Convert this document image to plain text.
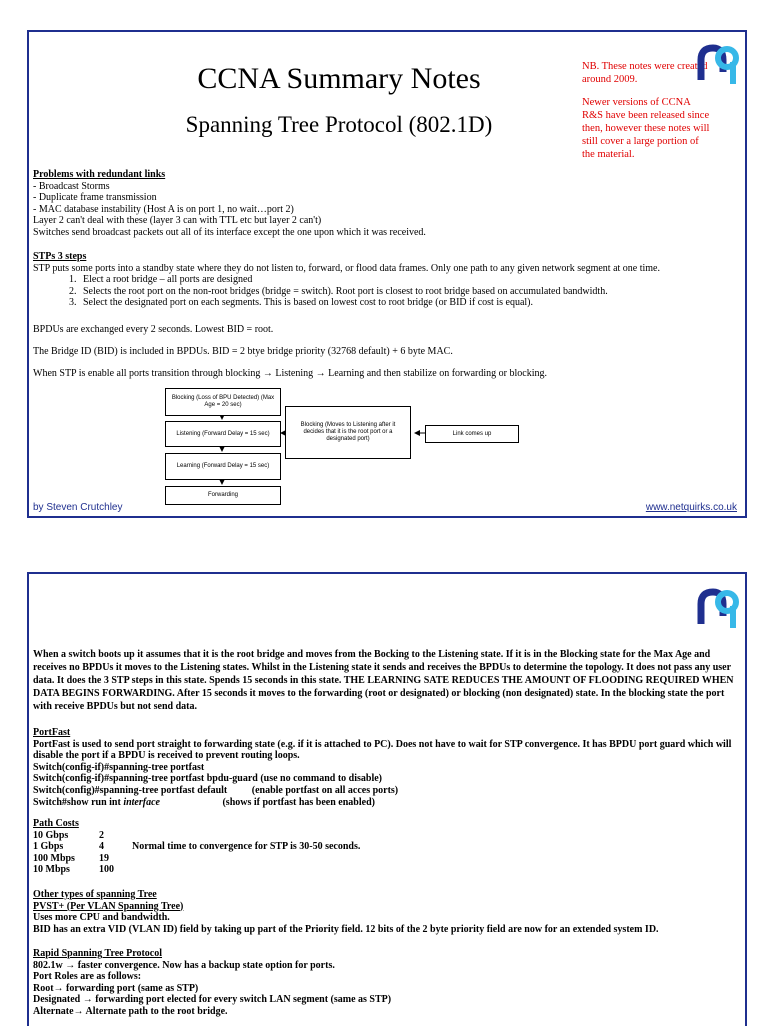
CCNA Summary Notes
Spanning Tree Protocol (802.1D)

NB. These notes were created around 2009.

Newer versions of CCNA R&S have been released since then, however these notes will still cover a large portion of the material.

Problems with redundant links

- Broadcast Storms

- Duplicate frame transmission

- MAC database instability (Host A is on port 1, no wait…port 2)

Layer 2 can't deal with these (layer 3 can with TTL etc but layer 2 can't)

Switches send broadcast packets out all of its interface except the one upon which it was received.

STPs 3 steps

STP puts some ports into a standby state where they do not listen to, forward, or flood data frames. Only one path to any given network segment at one time.

1. Elect a root bridge – all ports are designed
2. Selects the root port on the non-root bridges (bridge = switch). Root port is closest to root bridge based on accumulated bandwidth.
3. Select the designated port on each segments. This is based on lowest cost to root bridge (or BID if cost is equal).
BPDUs are exchanged every 2 seconds. Lowest BID = root.
The Bridge ID (BID) is included in BPDUs. BID = 2 btye bridge priority (32768 default) + 6 byte MAC.
When STP is enable all ports transition through blocking → Listening → Learning and then stabilize on forwarding or blocking.
Blocking (Loss of BPU Detected) (Max Age = 20 sec)
Listening (Forward Delay = 15 sec)
Learning (Forward Delay = 15 sec)
Forwarding
Blocking (Moves to Listening after it decides that it is the root port or a designated port)
Link comes up
by Steven Crutchley	www.netquirks.co.uk
When a switch boots up it assumes that it is the root bridge and moves from the Bocking to the Listening state. If it is in the Blocking state for the Max Age and receives no BPDUs it moves to the Listening states. Whilst in the Listening state it sends and receives the BPDUs to determine the topology. It does not pass any user data. It does the 3 STP steps in this state. Spends 15 seconds in this state. THE LEARNING SATE REDUCES THE AMOUNT OF FLOODING REQUIRED WHEN DATA BEGINS FORWARDING. After 15 seconds it moves to the forwarding (root or designated) or blocking (non designated) state. In the blocking state the port with receive BPDUs but not send data.

PortFast

PortFast is used to send port straight to forwarding state (e.g. if it is attached to PC). Does not have to wait for STP convergence. It has BPDU port guard which will disable the port if a BPDU is received to prevent routing loops.

Switch(config-if)#spanning-tree portfast

Switch(config-if)#spanning-tree portfast bpdu-guard (use no command to disable)

Switch(config)#spanning-tree portfast default (enable portfast on all acces ports)

Switch#show run int interface	(shows if portfast has been enabled)

Path Costs

10 Gbps	2
1 Gbps	4	Normal time to convergence for STP is 30-50 seconds.
100 Mbps	19
10 Mbps	100

Other types of spanning Tree

PVST+ (Per VLAN Spanning Tree)

Uses more CPU and bandwidth.

BID has an extra VID (VLAN ID) field by taking up part of the Priority field. 12 bits of the 2 byte priority field are now for an extended system ID.

Rapid Spanning Tree Protocol

802.1w → faster convergence. Now has a backup state option for ports.

Port Roles are as follows:

Root→ forwarding port (same as STP)

Designated → forwarding port elected for every switch LAN segment (same as STP)

Alternate→ Alternate path to the root bridge.
